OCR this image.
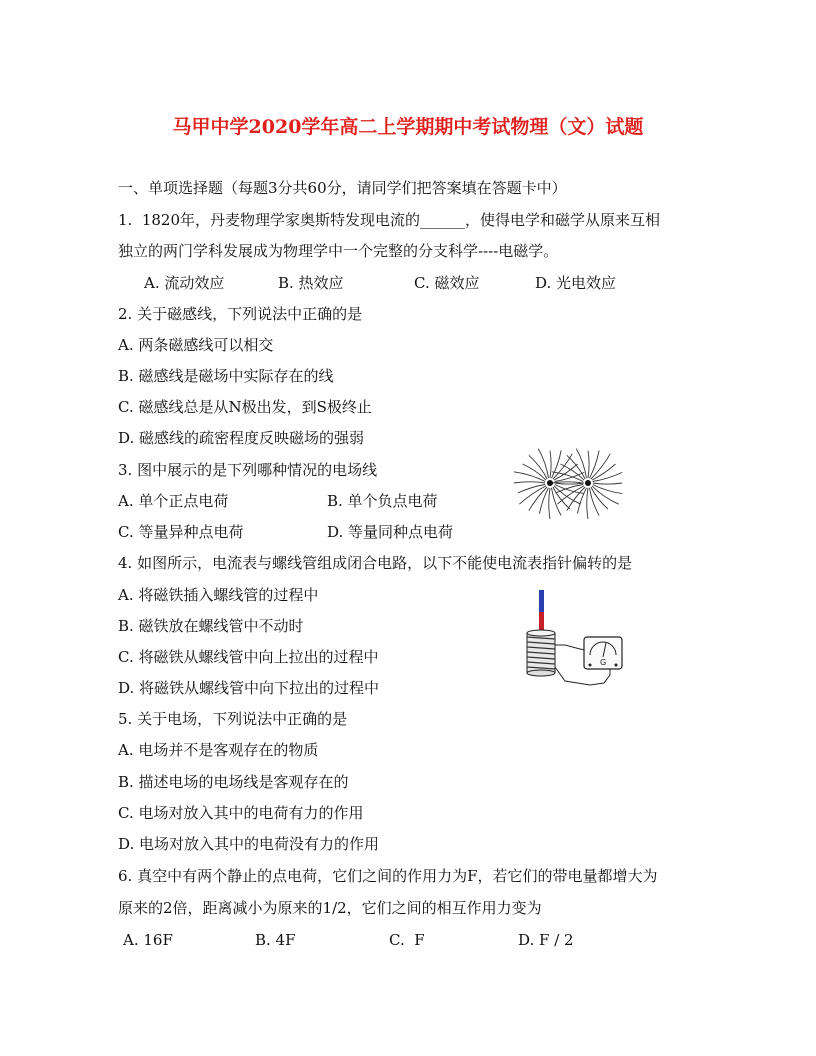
马甲中学2020学年高二上学期期中考试物理（文）试题
一、单项选择题（每题3分共60分，请同学们把答案填在答题卡中）
1.  1820年，丹麦物理学家奥斯特发现电流的______，使得电学和磁学从原来互相
独立的两门学科发展成为物理学中一个完整的分支科学----电磁学。
A. 流动效应	B. 热效应	C. 磁效应	D. 光电效应
2. 关于磁感线，下列说法中正确的是
A. 两条磁感线可以相交
B. 磁感线是磁场中实际存在的线
C. 磁感线总是从N极出发，到S极终止
D. 磁感线的疏密程度反映磁场的强弱
3. 图中展示的是下列哪种情况的电场线
A. 单个正点电荷	B. 单个负点电荷
C. 等量异种点电荷	D. 等量同种点电荷
4. 如图所示，电流表与螺线管组成闭合电路，以下不能使电流表指针偏转的是
A. 将磁铁插入螺线管的过程中
B. 磁铁放在螺线管中不动时
C. 将磁铁从螺线管中向上拉出的过程中
D. 将磁铁从螺线管中向下拉出的过程中
G
5. 关于电场，下列说法中正确的是
A. 电场并不是客观存在的物质
B. 描述电场的电场线是客观存在的
C. 电场对放入其中的电荷有力的作用
D. 电场对放入其中的电荷没有力的作用
6. 真空中有两个静止的点电荷，它们之间的作用力为F，若它们的带电量都增大为
原来的2倍，距离减小为原来的1/2，它们之间的相互作用力变为
A. 16F	B. 4F	C.  F	D. F / 2
